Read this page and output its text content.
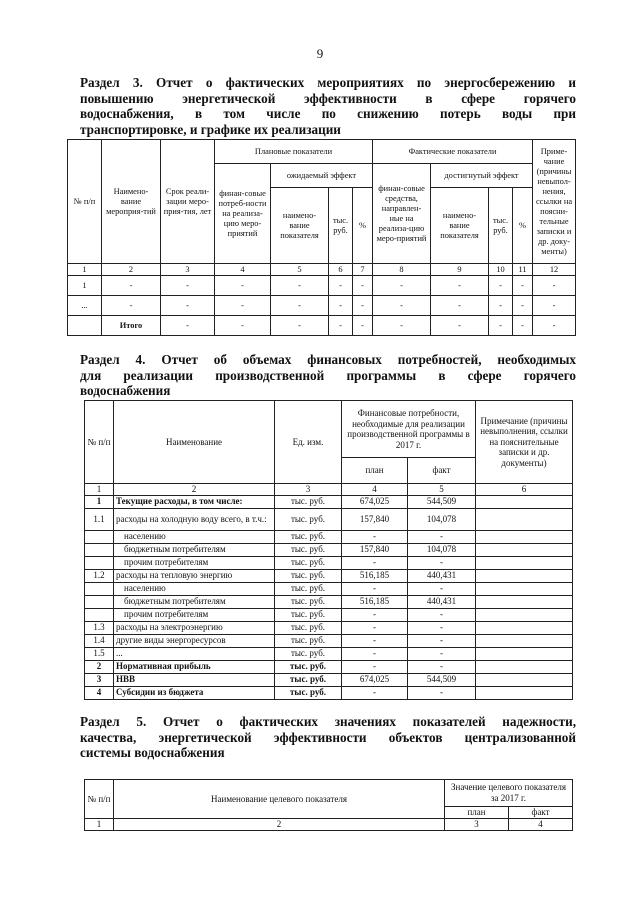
9

Раздел 3. Отчет о фактических мероприятиях по энергосбережению и

повышению энергетической эффективности в сфере горячего

водоснабжения, в том числе по снижению потерь воды при

транспортировке, и графике их реализации

№ п/п	Наимено-вание мероприя-тий	Срок реали-зации меро-прия-тия, лет	Плановые показатели				Фактические показатели				Приме-чание (причины невыпол-нения, ссылки на поясни-тельные записки и др. доку-менты)
			финан-совые потреб-ности на реализа-цию меро-приятий	ожидаемый эффект			финан-совые средства, направлен-ные на реализа-цию меро-приятий	достигнутый эффект			
				наимено-вание показателя	тыс. руб.	%		наимено-вание показателя	тыс. руб.	%	
1	2	3	4	5	6	7	8	9	10	11	12
1	-	-	-	-	-	-	-	-	-	-	-
...	-	-	-	-	-	-	-	-	-	-	-
	Итого	-	-	-	-	-	-	-	-	-	-

Раздел 4. Отчет об объемах финансовых потребностей, необходимых

для реализации производственной программы в сфере горячего

водоснабжения

№ п/п	Наименование	Ед. изм.	Финансовые потребности, необходимые для реализации производственной программы в 2017 г.		Примечание (причины невыполнения, ссылки на пояснительные записки и др. документы)
			план	факт	
1	2	3	4	5	6
1	Текущие расходы, в том числе:	тыс. руб.	674,025	544,509	
1.1	расходы на холодную воду всего, в т.ч.:	тыс. руб.	157,840	104,078	
	населению	тыс. руб.	-	-	
	бюджетным потребителям	тыс. руб.	157,840	104,078	
	прочим потребителям	тыс. руб.	-	-	
1.2	расходы на тепловую энергию	тыс. руб.	516,185	440,431	
	населению	тыс. руб.	-	-	
	бюджетным потребителям	тыс. руб.	516,185	440,431	
	прочим потребителям	тыс. руб.	-	-	
1.3	расходы на электроэнергию	тыс. руб.	-	-	
1.4	другие виды энергоресурсов	тыс. руб.	-	-	
1.5	...	тыс. руб.	-	-	
2	Нормативная прибыль	тыс. руб.	-	-	
3	НВВ	тыс. руб.	674,025	544,509	
4	Субсидии из бюджета	тыс. руб.	-	-	

Раздел 5. Отчет о фактических значениях показателей надежности,

качества, энергетической эффективности объектов централизованной

системы водоснабжения

№ п/п	Наименование целевого показателя	Значение целевого показателя за 2017 г.	
		план	факт
1	2	3	4
